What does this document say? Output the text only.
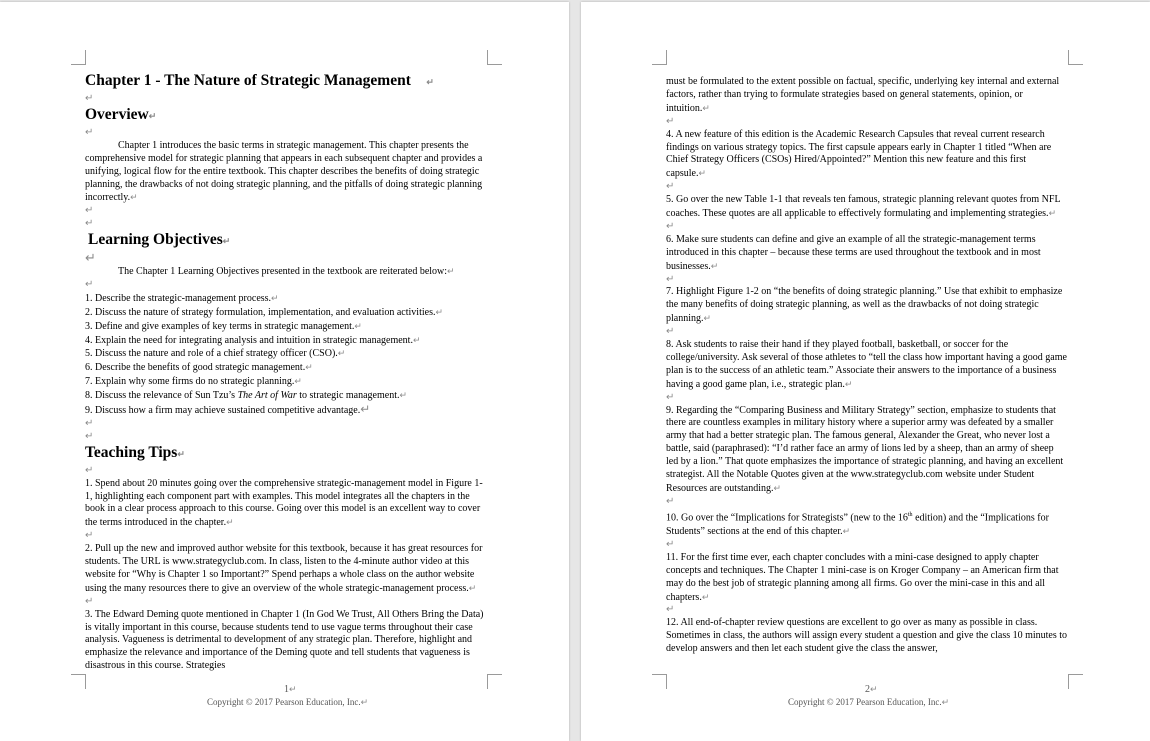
Chapter 1 - The Nature of Strategic Management ↵
↵
Overview↵
↵
Chapter 1 introduces the basic terms in strategic management. This chapter presents the comprehensive model for strategic planning that appears in each subsequent chapter and provides a unifying, logical flow for the entire textbook. This chapter describes the benefits of doing strategic planning, the drawbacks of not doing strategic planning, and the pitfalls of doing strategic planning incorrectly.↵
↵
↵
Learning Objectives↵
↵
The Chapter 1 Learning Objectives presented in the textbook are reiterated below:↵
↵
1. Describe the strategic-management process.↵
2. Discuss the nature of strategy formulation, implementation, and evaluation activities.↵
3. Define and give examples of key terms in strategic management.↵
4. Explain the need for integrating analysis and intuition in strategic management.↵
5. Discuss the nature and role of a chief strategy officer (CSO).↵
6. Describe the benefits of good strategic management.↵
7. Explain why some firms do no strategic planning.↵
8. Discuss the relevance of Sun Tzu’s The Art of War to strategic management.↵
9. Discuss how a firm may achieve sustained competitive advantage.↵
↵
↵
Teaching Tips↵
↵
1. Spend about 20 minutes going over the comprehensive strategic-management model in Figure 1-1, highlighting each component part with examples. This model integrates all the chapters in the book in a clear process approach to this course. Going over this model is an excellent way to cover the terms introduced in the chapter.↵
↵
2. Pull up the new and improved author website for this textbook, because it has great resources for students. The URL is www.strategyclub.com. In class, listen to the 4-minute author video at this website for “Why is Chapter 1 so Important?” Spend perhaps a whole class on the author website using the many resources there to give an overview of the whole strategic-management process.↵
↵
3. The Edward Deming quote mentioned in Chapter 1 (In God We Trust, All Others Bring the Data) is vitally important in this course, because students tend to use vague terms throughout their case analysis. Vagueness is detrimental to development of any strategic plan. Therefore, highlight and emphasize the relevance and importance of the Deming quote and tell students that vagueness is disastrous in this course. Strategies
1↵
Copyright © 2017 Pearson Education, Inc.↵
must be formulated to the extent possible on factual, specific, underlying key internal and external factors, rather than trying to formulate strategies based on general statements, opinion, or intuition.↵
↵
4. A new feature of this edition is the Academic Research Capsules that reveal current research findings on various strategy topics. The first capsule appears early in Chapter 1 titled “When are Chief Strategy Officers (CSOs) Hired/Appointed?” Mention this new feature and this first capsule.↵
↵
5. Go over the new Table 1-1 that reveals ten famous, strategic planning relevant quotes from NFL coaches. These quotes are all applicable to effectively formulating and implementing strategies.↵
↵
6. Make sure students can define and give an example of all the strategic-management terms introduced in this chapter – because these terms are used throughout the textbook and in most businesses.↵
↵
7. Highlight Figure 1-2 on “the benefits of doing strategic planning.” Use that exhibit to emphasize the many benefits of doing strategic planning, as well as the drawbacks of not doing strategic planning.↵
↵
8. Ask students to raise their hand if they played football, basketball, or soccer for the college/university. Ask several of those athletes to “tell the class how important having a good game plan is to the success of an athletic team.” Associate their answers to the importance of a business having a good game plan, i.e., strategic plan.↵
↵
9. Regarding the “Comparing Business and Military Strategy” section, emphasize to students that there are countless examples in military history where a superior army was defeated by a smaller army that had a better strategic plan. The famous general, Alexander the Great, who never lost a battle, said (paraphrased): “I’d rather face an army of lions led by a sheep, than an army of sheep led by a lion.” That quote emphasizes the importance of strategic planning, and having an excellent strategist. All the Notable Quotes given at the www.strategyclub.com website under Student Resources are outstanding.↵
↵
10. Go over the “Implications for Strategists” (new to the 16th edition) and the “Implications for Students” sections at the end of this chapter.↵
↵
11. For the first time ever, each chapter concludes with a mini-case designed to apply chapter concepts and techniques. The Chapter 1 mini-case is on Kroger Company – an American firm that may do the best job of strategic planning among all firms. Go over the mini-case in this and all chapters.↵
↵
12. All end-of-chapter review questions are excellent to go over as many as possible in class. Sometimes in class, the authors will assign every student a question and give the class 10 minutes to develop answers and then let each student give the class the answer,
2↵
Copyright © 2017 Pearson Education, Inc.↵
